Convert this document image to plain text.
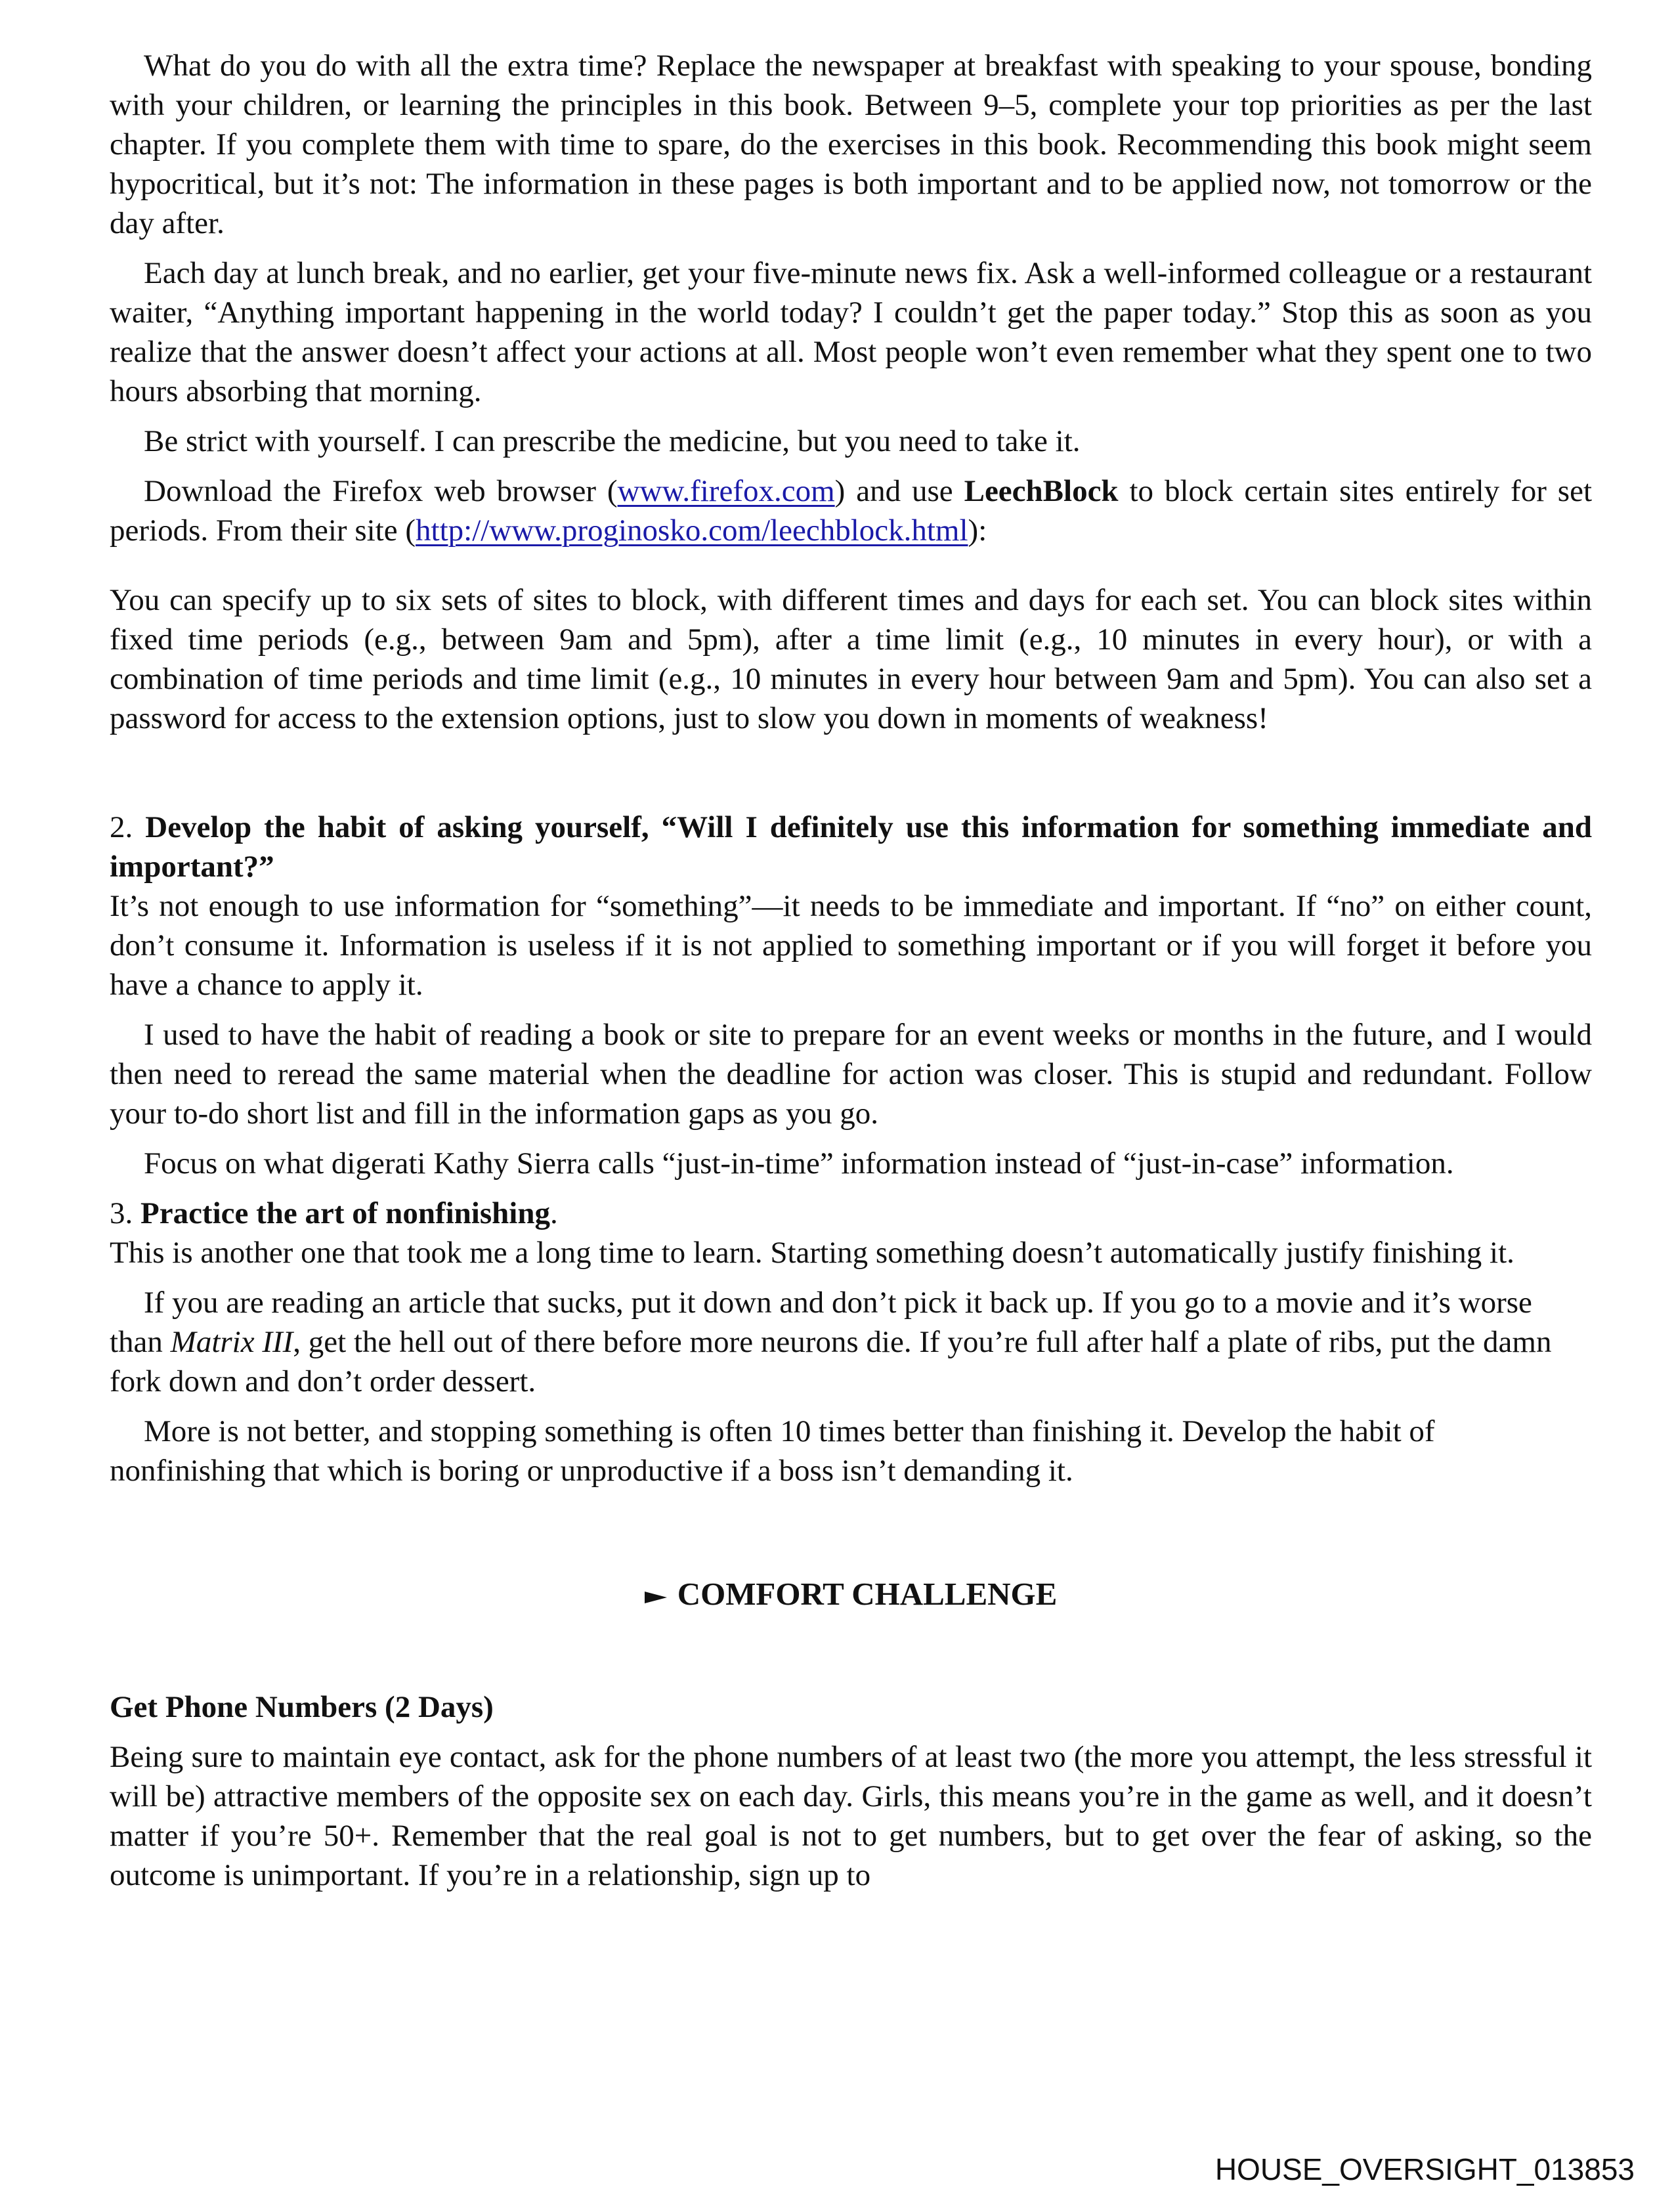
What do you do with all the extra time? Replace the newspaper at breakfast with speaking to your spouse, bonding with your children, or learning the principles in this book. Between 9–5, complete your top priorities as per the last chapter. If you complete them with time to spare, do the exercises in this book. Recommending this book might seem hypocritical, but it’s not: The information in these pages is both important and to be applied now, not tomorrow or the day after.

Each day at lunch break, and no earlier, get your five-minute news fix. Ask a well-informed colleague or a restaurant waiter, “Anything important happening in the world today? I couldn’t get the paper today.” Stop this as soon as you realize that the answer doesn’t affect your actions at all. Most people won’t even remember what they spent one to two hours absorbing that morning.

Be strict with yourself. I can prescribe the medicine, but you need to take it.

Download the Firefox web browser (www.firefox.com) and use LeechBlock to block certain sites entirely for set periods. From their site (http://www.proginosko.com/leechblock.html):

You can specify up to six sets of sites to block, with different times and days for each set. You can block sites within fixed time periods (e.g., between 9am and 5pm), after a time limit (e.g., 10 minutes in every hour), or with a combination of time periods and time limit (e.g., 10 minutes in every hour between 9am and 5pm). You can also set a password for access to the extension options, just to slow you down in moments of weakness!

2. Develop the habit of asking yourself, “Will I definitely use this information for something immediate and important?”

It’s not enough to use information for “something”—it needs to be immediate and important. If “no” on either count, don’t consume it. Information is useless if it is not applied to something important or if you will forget it before you have a chance to apply it.

I used to have the habit of reading a book or site to prepare for an event weeks or months in the future, and I would then need to reread the same material when the deadline for action was closer. This is stupid and redundant. Follow your to-do short list and fill in the information gaps as you go.

Focus on what digerati Kathy Sierra calls “just-in-time” information instead of “just-in-case” information.

3. Practice the art of nonfinishing.

This is another one that took me a long time to learn. Starting something doesn’t automatically justify finishing it.

If you are reading an article that sucks, put it down and don’t pick it back up. If you go to a movie and it’s worse than Matrix III, get the hell out of there before more neurons die. If you’re full after half a plate of ribs, put the damn fork down and don’t order dessert.

More is not better, and stopping something is often 10 times better than finishing it. Develop the habit of nonfinishing that which is boring or unproductive if a boss isn’t demanding it.

COMFORT CHALLENGE
Get Phone Numbers (2 Days)

Being sure to maintain eye contact, ask for the phone numbers of at least two (the more you attempt, the less stressful it will be) attractive members of the opposite sex on each day. Girls, this means you’re in the game as well, and it doesn’t matter if you’re 50+. Remember that the real goal is not to get numbers, but to get over the fear of asking, so the outcome is unimportant. If you’re in a relationship, sign up to

HOUSE_OVERSIGHT_013853
